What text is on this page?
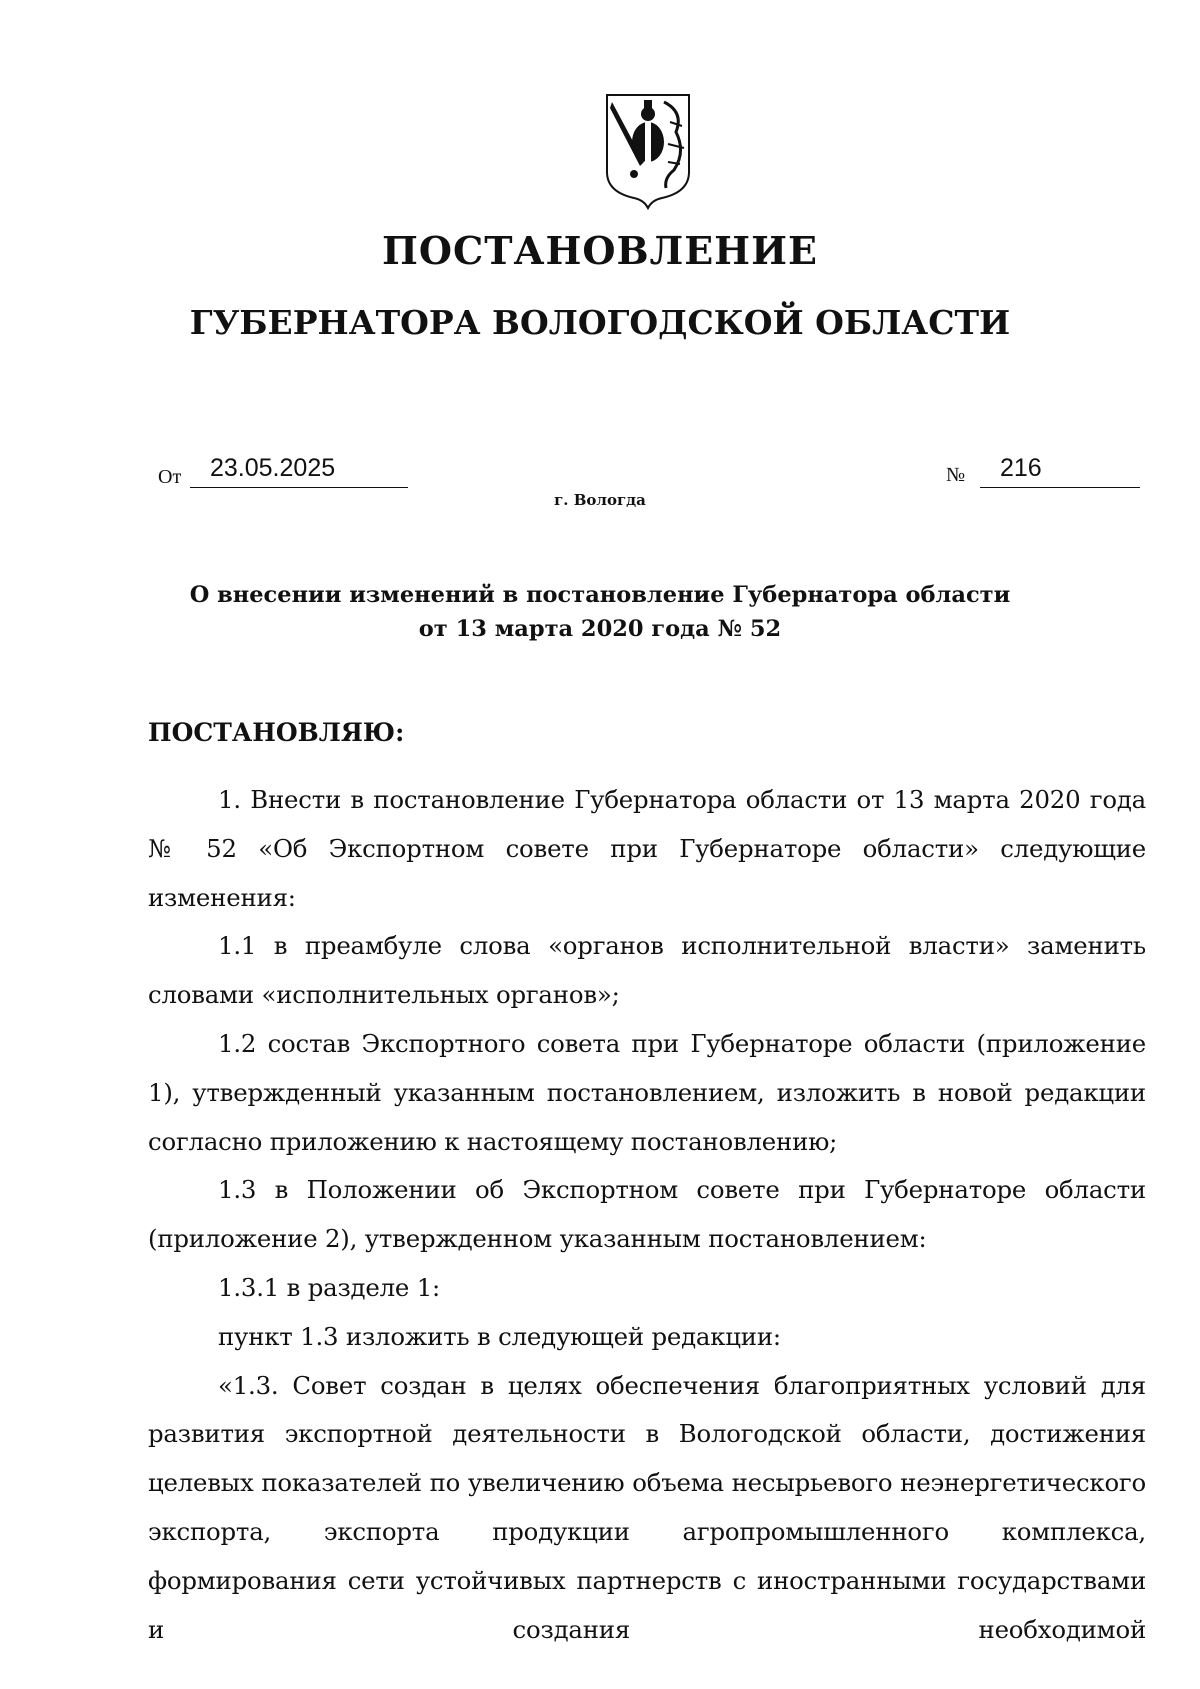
ПОСТАНОВЛЕНИЕ
ГУБЕРНАТОРА ВОЛОГОДСКОЙ ОБЛАСТИ
От	23.05.2025	№	216
г. Вологда
О внесении изменений в постановление Губернатора области
от 13 марта 2020 года № 52
ПОСТАНОВЛЯЮ:

1. Внести в постановление Губернатора области от 13 марта 2020 года № 52 «Об Экспортном совете при Губернаторе области» следующие изменения:

1.1 в преамбуле слова «органов исполнительной власти» заменить словами «исполнительных органов»;

1.2 состав Экспортного совета при Губернаторе области (приложение 1), утвержденный указанным постановлением, изложить в новой редакции согласно приложению к настоящему постановлению;

1.3 в Положении об Экспортном совете при Губернаторе области (приложение 2), утвержденном указанным постановлением:

1.3.1 в разделе 1:

пункт 1.3 изложить в следующей редакции:

«1.3. Совет создан в целях обеспечения благоприятных условий для развития экспортной деятельности в Вологодской области, достижения целевых показателей по увеличению объема несырьевого неэнергетического экспорта, экспорта продукции агропромышленного комплекса, формирования сети устойчивых партнерств с иностранными государствами и создания необходимой
